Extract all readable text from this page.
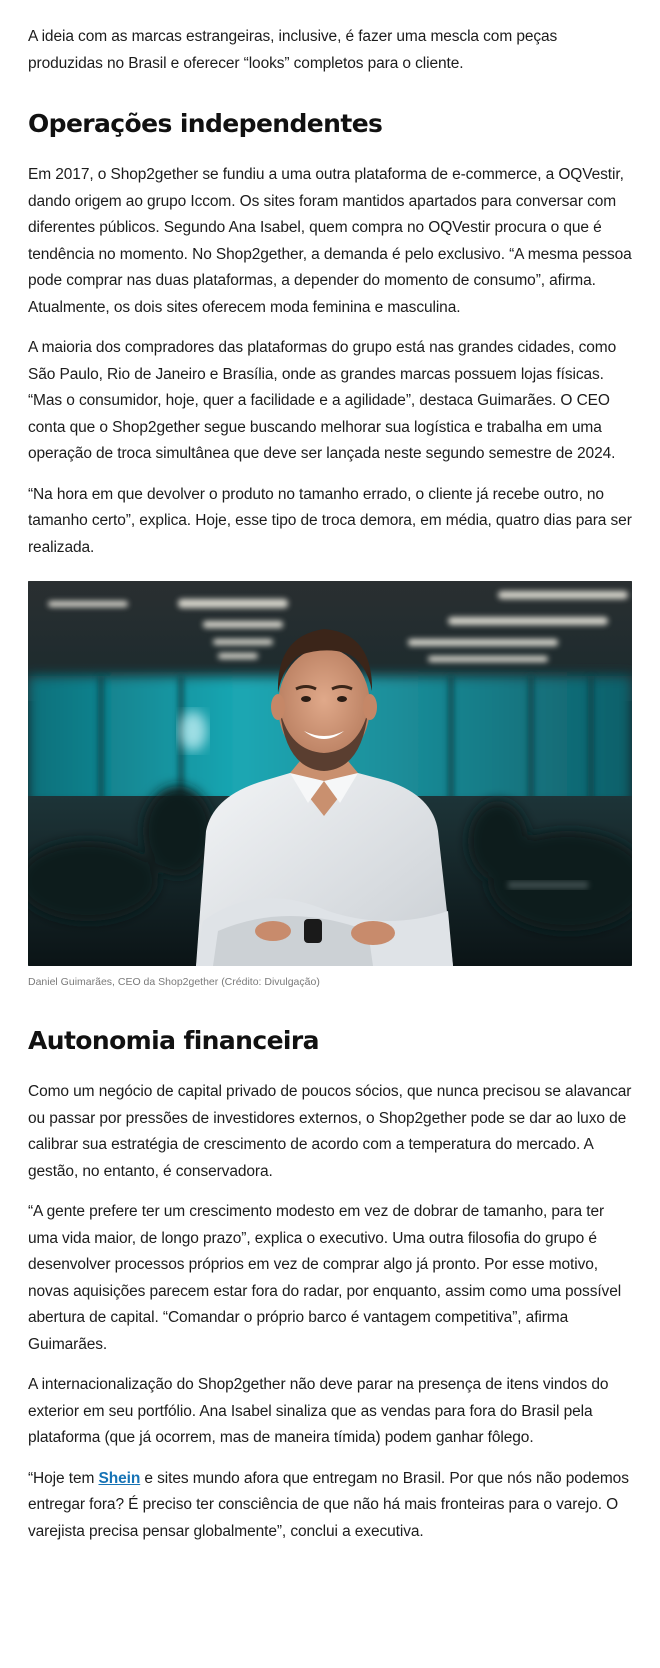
A ideia com as marcas estrangeiras, inclusive, é fazer uma mescla com peças produzidas no Brasil e oferecer “looks” completos para o cliente.

Operações independentes

Em 2017, o Shop2gether se fundiu a uma outra plataforma de e-commerce, a OQVestir, dando origem ao grupo Iccom. Os sites foram mantidos apartados para conversar com diferentes públicos. Segundo Ana Isabel, quem compra no OQVestir procura o que é tendência no momento. No Shop2gether, a demanda é pelo exclusivo. “A mesma pessoa pode comprar nas duas plataformas, a depender do momento de consumo”, afirma. Atualmente, os dois sites oferecem moda feminina e masculina.

A maioria dos compradores das plataformas do grupo está nas grandes cidades, como São Paulo, Rio de Janeiro e Brasília, onde as grandes marcas possuem lojas físicas. “Mas o consumidor, hoje, quer a facilidade e a agilidade”, destaca Guimarães. O CEO conta que o Shop2gether segue buscando melhorar sua logística e trabalha em uma operação de troca simultânea que deve ser lançada neste segundo semestre de 2024.

“Na hora em que devolver o produto no tamanho errado, o cliente já recebe outro, no tamanho certo”, explica. Hoje, esse tipo de troca demora, em média, quatro dias para ser realizada.

Daniel Guimarães, CEO da Shop2gether (Crédito: Divulgação)
Autonomia financeira

Como um negócio de capital privado de poucos sócios, que nunca precisou se alavancar ou passar por pressões de investidores externos, o Shop2gether pode se dar ao luxo de calibrar sua estratégia de crescimento de acordo com a temperatura do mercado. A gestão, no entanto, é conservadora.

“A gente prefere ter um crescimento modesto em vez de dobrar de tamanho, para ter uma vida maior, de longo prazo”, explica o executivo. Uma outra filosofia do grupo é desenvolver processos próprios em vez de comprar algo já pronto. Por esse motivo, novas aquisições parecem estar fora do radar, por enquanto, assim como uma possível abertura de capital. “Comandar o próprio barco é vantagem competitiva”, afirma Guimarães.

A internacionalização do Shop2gether não deve parar na presença de itens vindos do exterior em seu portfólio. Ana Isabel sinaliza que as vendas para fora do Brasil pela plataforma (que já ocorrem, mas de maneira tímida) podem ganhar fôlego.

“Hoje tem Shein e sites mundo afora que entregam no Brasil. Por que nós não podemos entregar fora? É preciso ter consciência de que não há mais fronteiras para o varejo. O varejista precisa pensar globalmente”, conclui a executiva.
